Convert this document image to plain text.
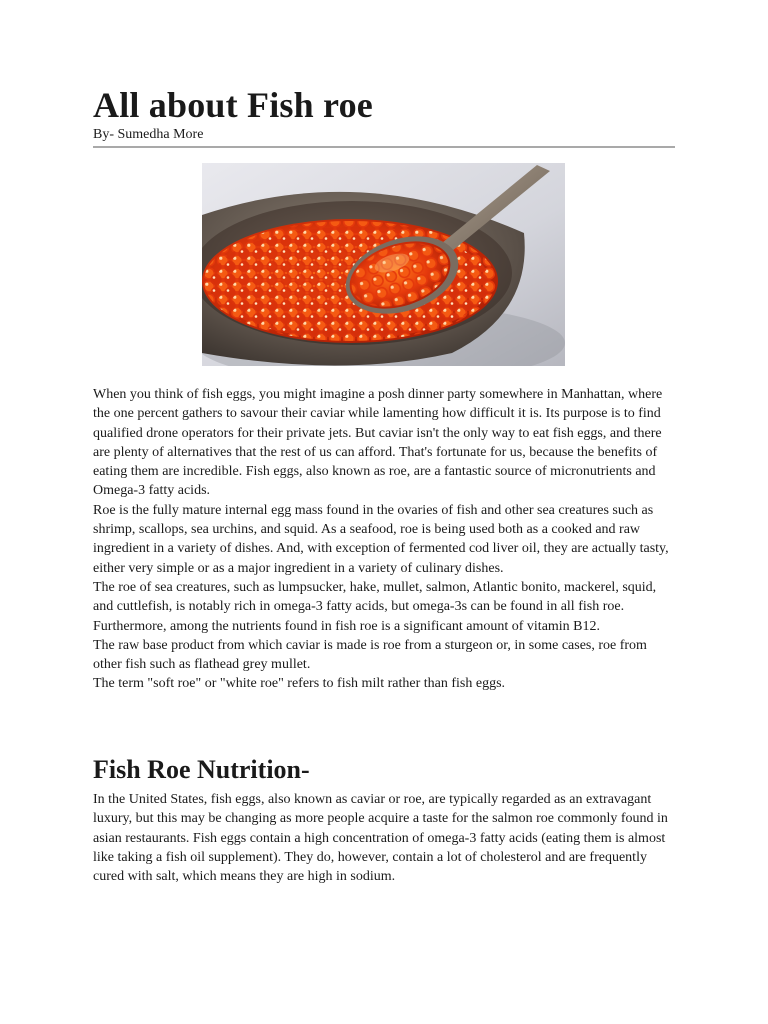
All about Fish roe
By- Sumedha More

When you think of fish eggs, you might imagine a posh dinner party somewhere in Manhattan, where the one percent gathers to savour their caviar while lamenting how difficult it is. Its purpose is to find qualified drone operators for their private jets. But caviar isn't the only way to eat fish eggs, and there are plenty of alternatives that the rest of us can afford. That's fortunate for us, because the benefits of eating them are incredible. Fish eggs, also known as roe, are a fantastic source of micronutrients and Omega-3 fatty acids.

Roe is the fully mature internal egg mass found in the ovaries of fish and other sea creatures such as shrimp, scallops, sea urchins, and squid. As a seafood, roe is being used both as a cooked and raw ingredient in a variety of dishes. And, with exception of fermented cod liver oil, they are actually tasty, either very simple or as a major ingredient in a variety of culinary dishes.

The roe of sea creatures, such as lumpsucker, hake, mullet, salmon, Atlantic bonito, mackerel, squid, and cuttlefish, is notably rich in omega-3 fatty acids, but omega-3s can be found in all fish roe. Furthermore, among the nutrients found in fish roe is a significant amount of vitamin B12.

The raw base product from which caviar is made is roe from a sturgeon or, in some cases, roe from other fish such as flathead grey mullet.

The term "soft roe" or "white roe" refers to fish milt rather than fish eggs.

Fish Roe Nutrition-

In the United States, fish eggs, also known as caviar or roe, are typically regarded as an extravagant luxury, but this may be changing as more people acquire a taste for the salmon roe commonly found in asian restaurants. Fish eggs contain a high concentration of omega-3 fatty acids (eating them is almost like taking a fish oil supplement). They do, however, contain a lot of cholesterol and are frequently cured with salt, which means they are high in sodium.
